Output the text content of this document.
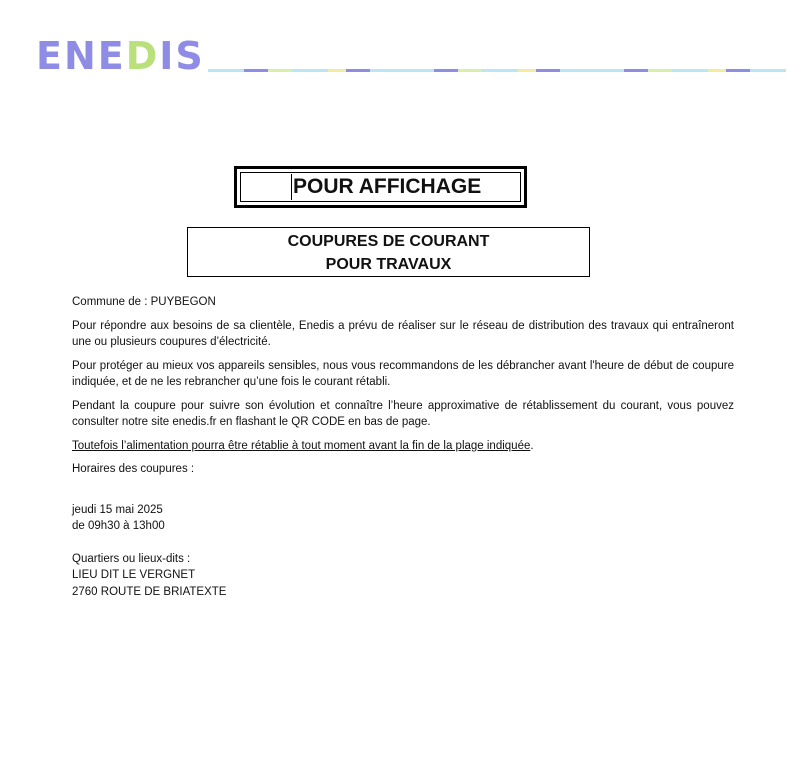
ENEDIS
POUR AFFICHAGE
COUPURES DE COURANT
POUR TRAVAUX

Commune de : PUYBEGON

Pour répondre aux besoins de sa clientèle, Enedis a prévu de réaliser sur le réseau de distribution des travaux qui entraîneront une ou plusieurs coupures d’électricité.

Pour protéger au mieux vos appareils sensibles, nous vous recommandons de les débrancher avant l'heure de début de coupure indiquée, et de ne les rebrancher qu’une fois le courant rétabli.

Pendant la coupure pour suivre son évolution et connaître l’heure approximative de rétablissement du courant, vous pouvez consulter notre site enedis.fr en flashant le QR CODE en bas de page.

Toutefois l’alimentation pourra être rétablie à tout moment avant la fin de la plage indiquée.

Horaires des coupures :

jeudi 15 mai 2025

de 09h30 à 13h00

Quartiers ou lieux-dits :

LIEU DIT LE VERGNET

2760 ROUTE DE BRIATEXTE
